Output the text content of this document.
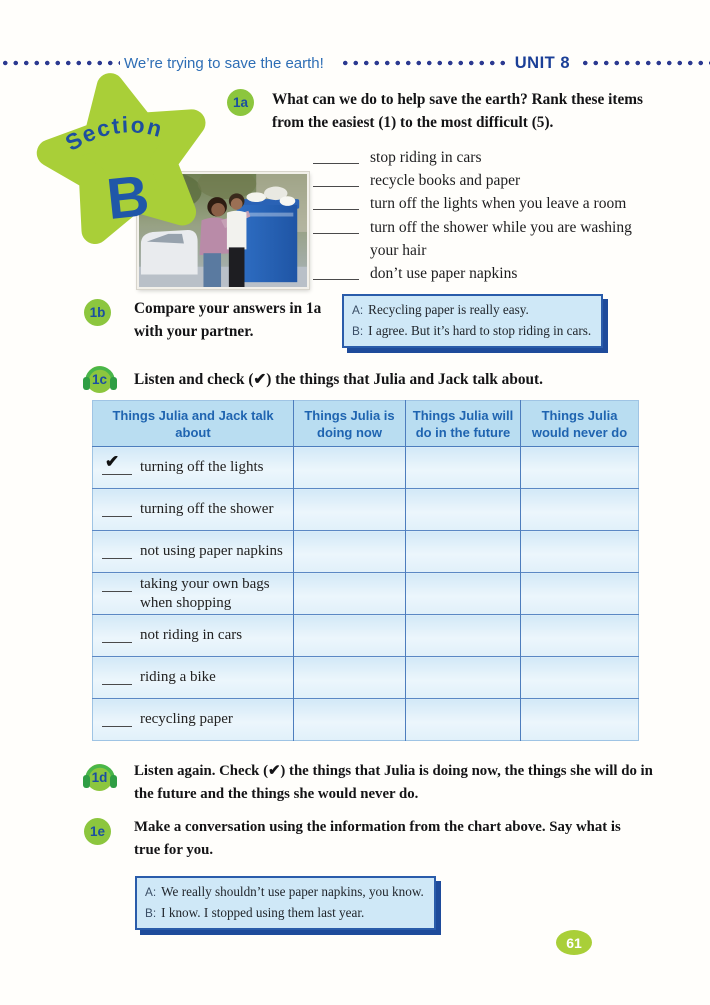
We’re trying to save the earth!	UNIT 8
Section
B
1a	What can we do to help save the earth? Rank these items from the easiest (1) to the most difficult (5).
stop riding in cars
recycle books and paper
turn off the lights when you leave a room
turn off the shower while you are washing your hair
don’t use paper napkins
1b	Compare your answers in 1a with your partner.
A: Recycling paper is really easy.
B: I agree. But it’s hard to stop riding in cars.
1c	Listen and check (✔) the things that Julia and Jack talk about.
Things Julia and Jack talk about	Things Julia is doing now	Things Julia will do in the future	Things Julia would never do

✔ turning off the lights			

turning off the shower			

not using paper napkins			

taking your own bags when shopping			

not riding in cars			

riding a bike			

recycling paper			

1d	Listen again. Check (✔) the things that Julia is doing now, the things she will do in the future and the things she would never do.
1e	Make a conversation using the information from the chart above. Say what is true for you.
A: We really shouldn’t use paper napkins, you know.
B: I know. I stopped using them last year.
61
